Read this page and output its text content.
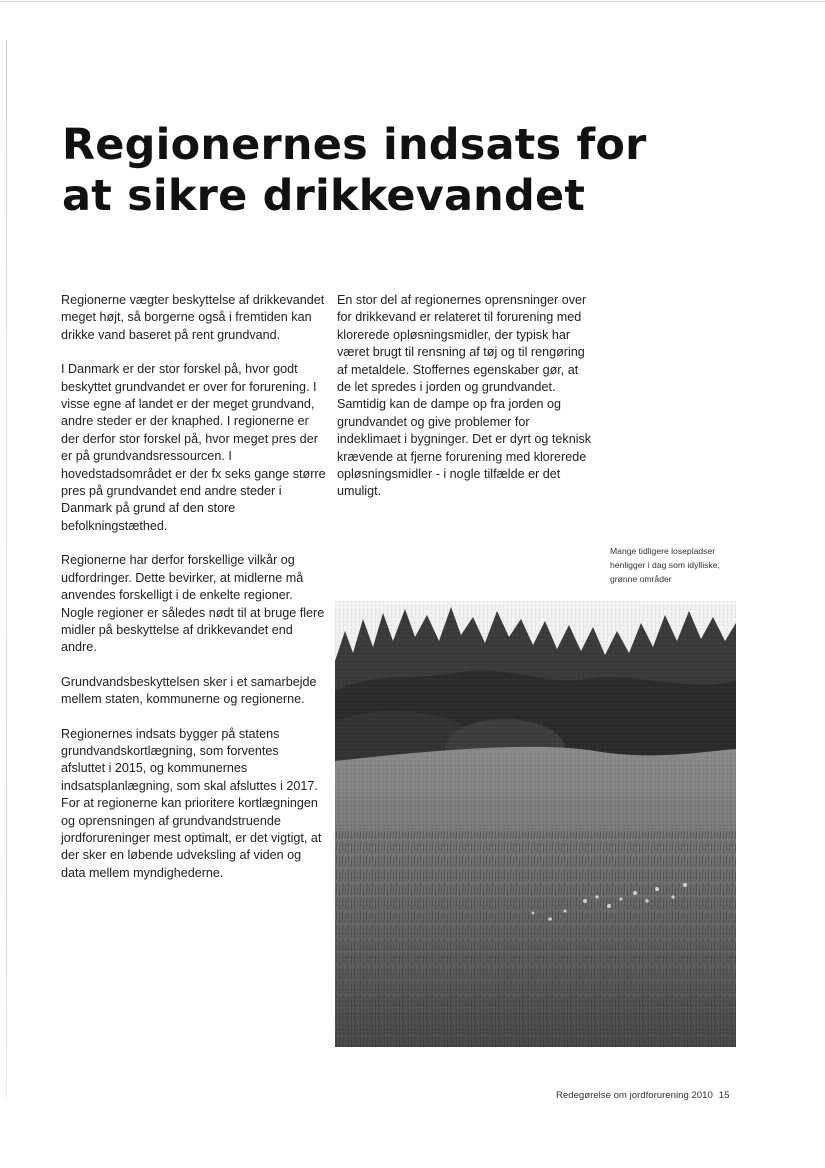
Regionernes indsats for at sikre drikkevandet

Regionerne vægter beskyttelse af drikkevandet meget højt, så borgerne også i fremtiden kan drikke vand baseret på rent grundvand.

I Danmark er der stor forskel på, hvor godt beskyttet grundvandet er over for forurening. I visse egne af landet er der meget grundvand, andre steder er der knaphed. I regionerne er der derfor stor forskel på, hvor meget pres der er på grundvandsressourcen. I hovedstadsområdet er der fx seks gange større pres på grundvandet end andre steder i Danmark på grund af den store befolkningstæthed.

Regionerne har derfor forskellige vilkår og udfordringer. Dette bevirker, at midlerne må anvendes forskelligt i de enkelte regioner. Nogle regioner er således nødt til at bruge flere midler på beskyttelse af drikkevandet end andre.

Grundvandsbeskyttelsen sker i et samarbejde mellem staten, kommunerne og regionerne.

Regionernes indsats bygger på statens grundvandskortlægning, som forventes afsluttet i 2015, og kommunernes indsatsplanlægning, som skal afsluttes i 2017. For at regionerne kan prioritere kortlægningen og oprensningen af grundvandstruende jordforureninger mest optimalt, er det vigtigt, at der sker en løbende udveksling af viden og data mellem myndighederne.

En stor del af regionernes oprensninger over for drikkevand er relateret til forurening med klorerede opløsningsmidler, der typisk har været brugt til rensning af tøj og til rengøring af metaldele. Stoffernes egenskaber gør, at de let spredes i jorden og grundvandet. Samtidig kan de dampe op fra jorden og grundvandet og give problemer for indeklimaet i bygninger. Det er dyrt og teknisk krævende at fjerne forurening med klorerede opløsningsmidler - i nogle tilfælde er det umuligt.

Mange tidligere losepladser henligger i dag som idylliske, grønne områder
Redegørelse om jordforurening 2010 15
